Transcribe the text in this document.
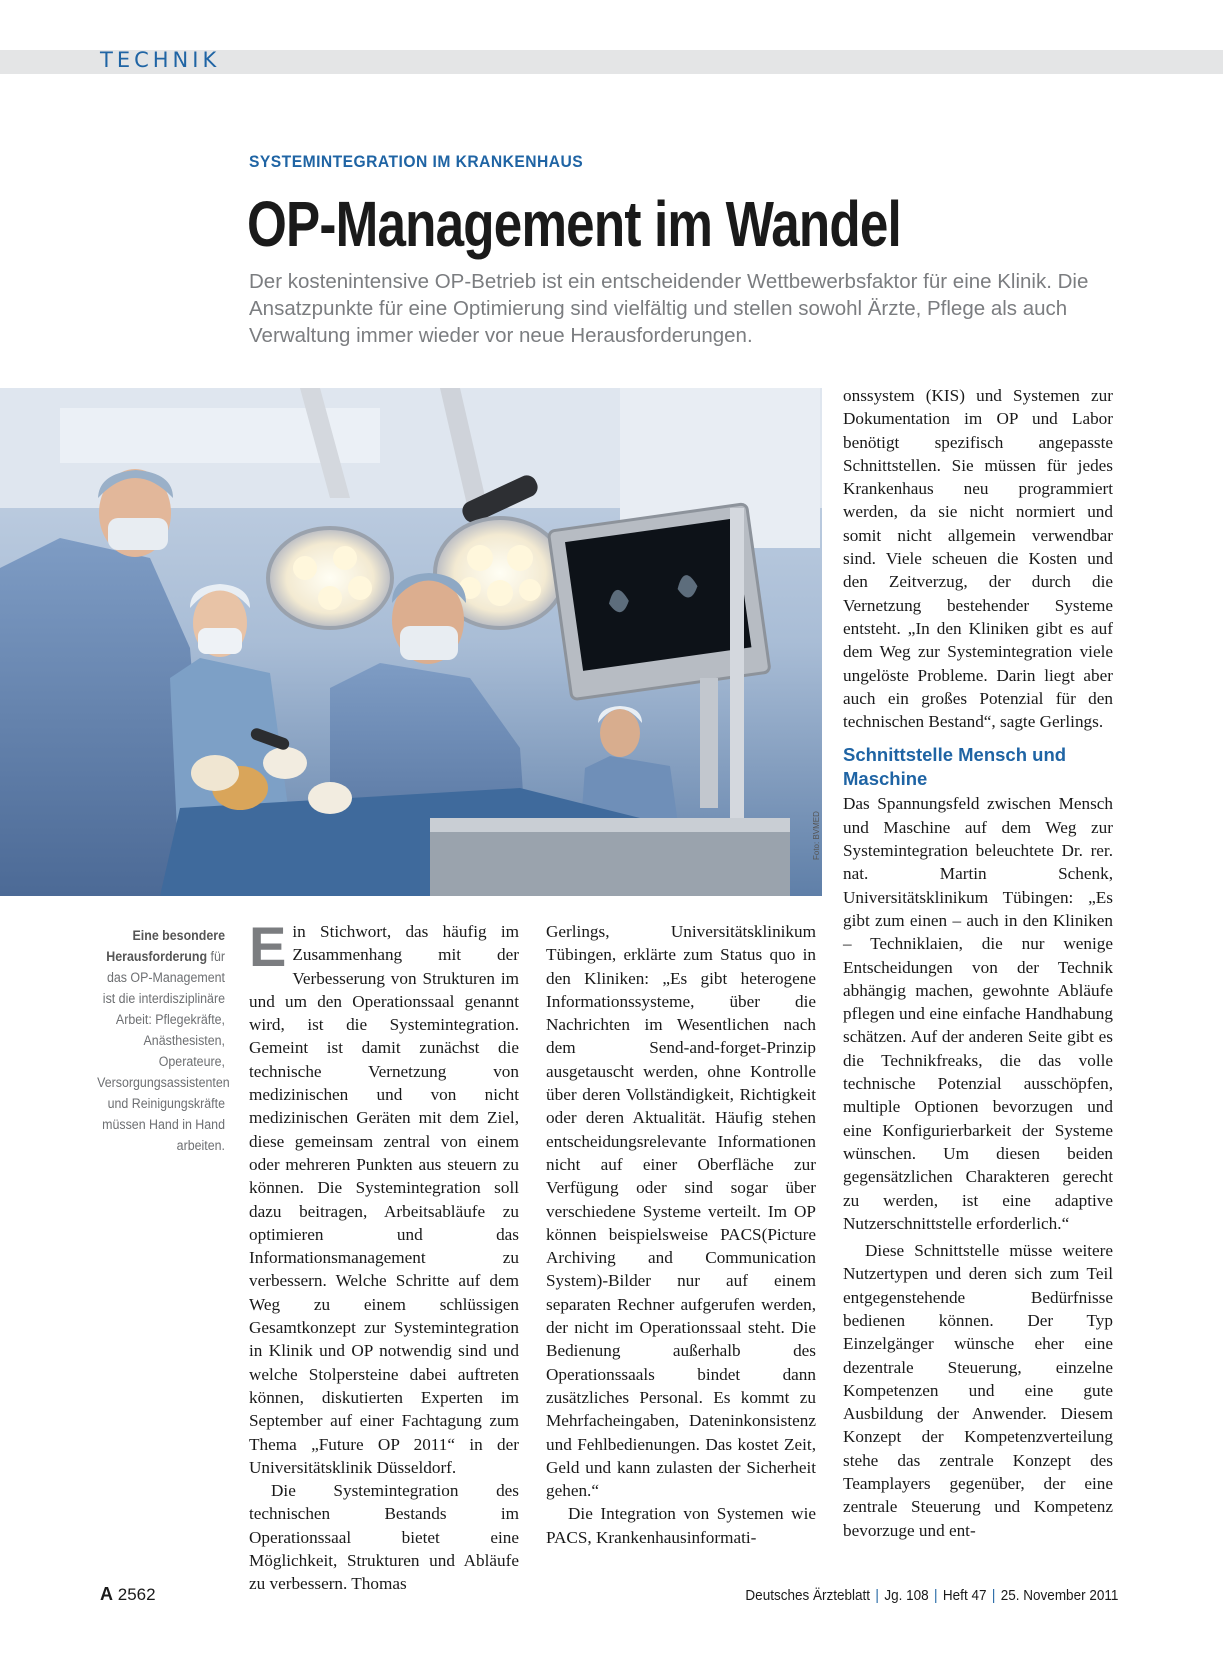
TECHNIK
SYSTEMINTEGRATION IM KRANKENHAUS
OP-Management im Wandel
Der kostenintensive OP-Betrieb ist ein entscheidender Wettbewerbsfaktor für eine Klinik. Die Ansatzpunkte für eine Optimierung sind vielfältig und stellen sowohl Ärzte, Pflege als auch Verwaltung immer wieder vor neue Herausforderungen.
Foto: BVMED
Eine besondere Herausforderung für das OP-Management ist die interdisziplinäre Arbeit: Pflegekräfte, Anästhesisten, Operateure, Versorgungsassistenten und Reinigungskräfte müssen Hand in Hand arbeiten.

Ein Stichwort, das häufig im Zusammenhang mit der Verbesserung von Strukturen im und um den Operationssaal genannt wird, ist die Systemintegration. Gemeint ist damit zunächst die technische Vernetzung von medizinischen und von nicht medizinischen Geräten mit dem Ziel, diese gemeinsam zentral von einem oder mehreren Punkten aus steuern zu können. Die Systemintegration soll dazu beitragen, Arbeitsabläufe zu optimieren und das Informationsmanagement zu verbessern. Welche Schritte auf dem Weg zu einem schlüssigen Gesamtkonzept zur Systemintegration in Klinik und OP notwendig sind und welche Stolpersteine dabei auftreten können, diskutierten Experten im September auf einer Fachtagung zum Thema „Future OP 2011“ in der Universitätsklinik Düsseldorf.

Die Systemintegration des technischen Bestands im Operationssaal bietet eine Möglichkeit, Strukturen und Abläufe zu verbessern. Thomas

Gerlings, Universitätsklinikum Tübingen, erklärte zum Status quo in den Kliniken: „Es gibt heterogene Informationssysteme, über die Nachrichten im Wesentlichen nach dem Send-and-forget-Prinzip ausgetauscht werden, ohne Kontrolle über deren Vollständigkeit, Richtigkeit oder deren Aktualität. Häufig stehen entscheidungsrelevante Informationen nicht auf einer Oberfläche zur Verfügung oder sind sogar über verschiedene Systeme verteilt. Im OP können beispielsweise PACS(Picture Archiving and Communication System)-Bilder nur auf einem separaten Rechner aufgerufen werden, der nicht im Operationssaal steht. Die Bedienung außerhalb des Operationssaals bindet dann zusätzliches Personal. Es kommt zu Mehrfacheingaben, Dateninkonsistenz und Fehlbedienungen. Das kostet Zeit, Geld und kann zulasten der Sicherheit gehen.“

Die Integration von Systemen wie PACS, Krankenhausinformati-

onssystem (KIS) und Systemen zur Dokumentation im OP und Labor benötigt spezifisch angepasste Schnittstellen. Sie müssen für jedes Krankenhaus neu programmiert werden, da sie nicht normiert und somit nicht allgemein verwendbar sind. Viele scheuen die Kosten und den Zeitverzug, der durch die Vernetzung bestehender Systeme entsteht. „In den Kliniken gibt es auf dem Weg zur Systemintegration viele ungelöste Probleme. Darin liegt aber auch ein großes Potenzial für den technischen Bestand“, sagte Gerlings.

Schnittstelle Mensch und Maschine

Das Spannungsfeld zwischen Mensch und Maschine auf dem Weg zur Systemintegration beleuchtete Dr. rer. nat. Martin Schenk, Universitätsklinikum Tübingen: „Es gibt zum einen – auch in den Kliniken – Techniklaien, die nur wenige Entscheidungen von der Technik abhängig machen, gewohnte Abläufe pflegen und eine einfache Handhabung schätzen. Auf der anderen Seite gibt es die Technikfreaks, die das volle technische Potenzial ausschöpfen, multiple Optionen bevorzugen und eine Konfigurierbarkeit der Systeme wünschen. Um diesen beiden gegensätzlichen Charakteren gerecht zu werden, ist eine adaptive Nutzerschnittstelle erforderlich.“

Diese Schnittstelle müsse weitere Nutzertypen und deren sich zum Teil entgegenstehende Bedürfnisse bedienen können. Der Typ Einzelgänger wünsche eher eine dezentrale Steuerung, einzelne Kompetenzen und eine gute Ausbildung der Anwender. Diesem Konzept der Kompetenzverteilung stehe das zentrale Konzept des Teamplayers gegenüber, der eine zentrale Steuerung und Kompetenz bevorzuge und ent-

A 2562	Deutsches Ärzteblatt | Jg. 108 | Heft 47 | 25. November 2011
